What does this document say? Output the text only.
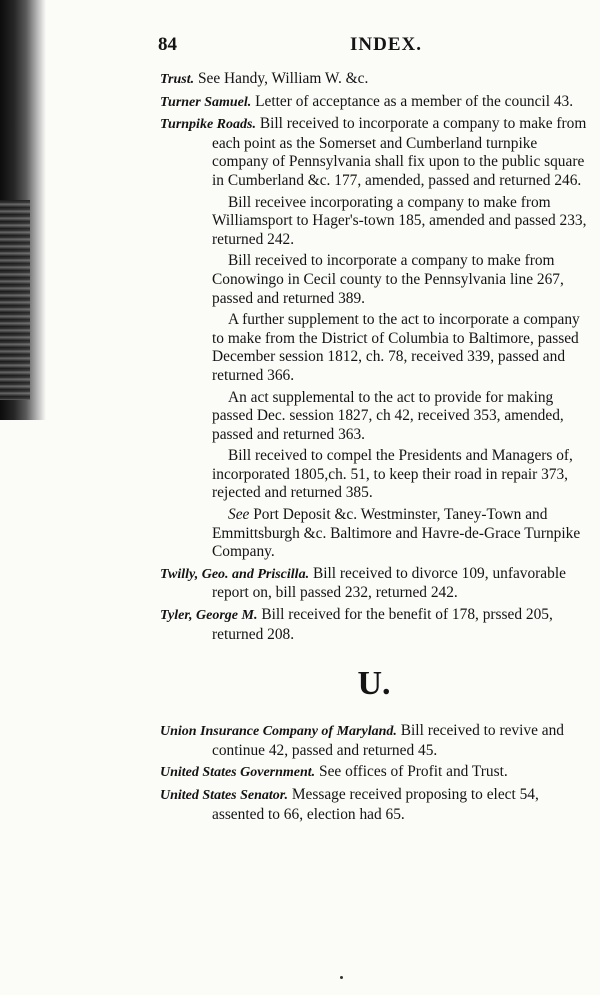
84	INDEX.

Trust. See Handy, William W. &c.

Turner Samuel. Letter of acceptance as a member of the council 43.

Turnpike Roads. Bill received to incorporate a company to make from each point as the Somerset and Cumberland turnpike company of Pennsylvania shall fix upon to the public square in Cumberland &c. 177, amended, passed and returned 246.

Bill receivee incorporating a company to make from Williamsport to Hager's-town 185, amended and passed 233, returned 242.

Bill received to incorporate a company to make from Conowingo in Cecil county to the Pennsylvania line 267, passed and returned 389.

A further supplement to the act to incorporate a company to make from the District of Columbia to Baltimore, passed December session 1812, ch. 78, received 339, passed and returned 366.

An act supplemental to the act to provide for making passed Dec. session 1827, ch 42, received 353, amended, passed and returned 363.

Bill received to compel the Presidents and Managers of, incorporated 1805,ch. 51, to keep their road in repair 373, rejected and returned 385.

See Port Deposit &c. Westminster, Taney-Town and Emmittsburgh &c. Baltimore and Havre-de-Grace Turnpike Company.

Twilly, Geo. and Priscilla. Bill received to divorce 109, unfavorable report on, bill passed 232, returned 242.

Tyler, George M. Bill received for the benefit of 178, prssed 205, returned 208.

U.

Union Insurance Company of Maryland. Bill received to revive and continue 42, passed and returned 45.

United States Government. See offices of Profit and Trust.

United States Senator. Message received proposing to elect 54, assented to 66, election had 65.
